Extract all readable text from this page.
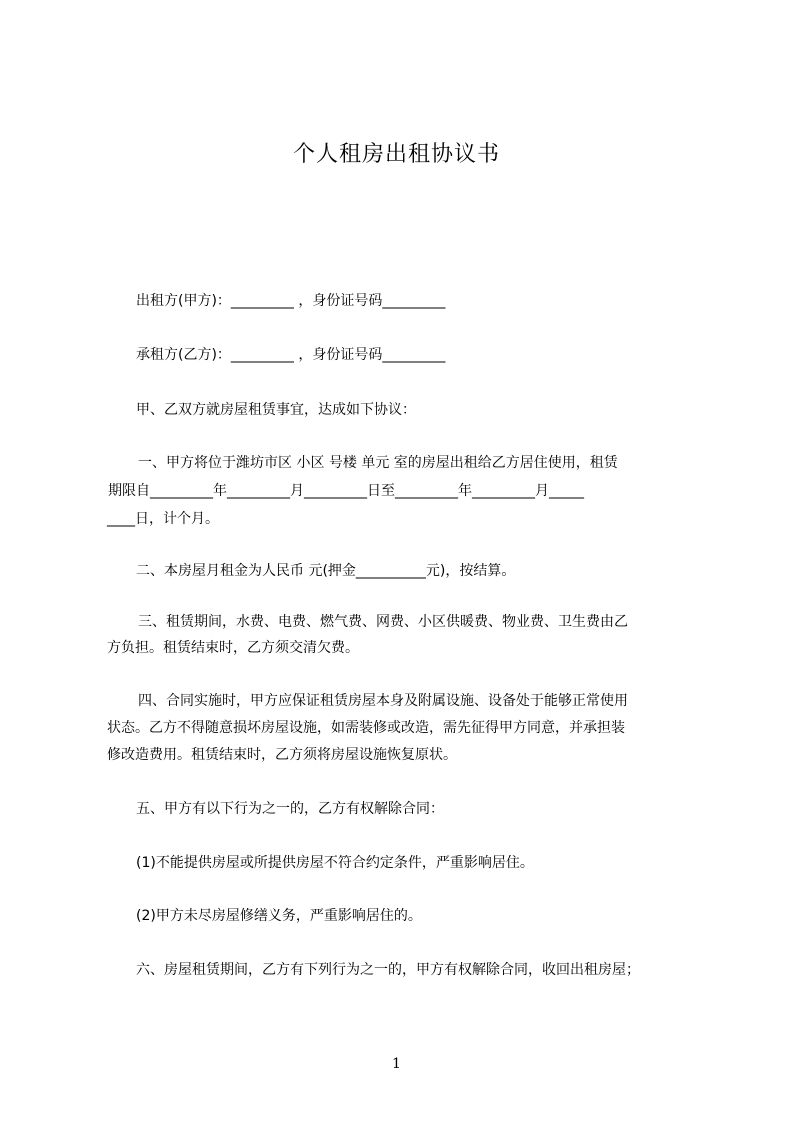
个人租房出租协议书
出租方(甲方)：_________ ，身份证号码_________
承租方(乙方)：_________ ，身份证号码_________
甲、乙双方就房屋租赁事宜，达成如下协议：
一、甲方将位于潍坊市区 小区 号楼 单元 室的房屋出租给乙方居住使用，租赁
期限自_________年_________月_________日至_________年_________月_____
____日，计个月。
二、本房屋月租金为人民币 元(押金__________元)，按结算。
三、租赁期间，水费、电费、燃气费、网费、小区供暖费、物业费、卫生费由乙
方负担。租赁结束时，乙方须交清欠费。
四、合同实施时，甲方应保证租赁房屋本身及附属设施、设备处于能够正常使用
状态。乙方不得随意损坏房屋设施，如需装修或改造，需先征得甲方同意，并承担装
修改造费用。租赁结束时，乙方须将房屋设施恢复原状。
五、甲方有以下行为之一的，乙方有权解除合同：
(1)不能提供房屋或所提供房屋不符合约定条件，严重影响居住。
(2)甲方未尽房屋修缮义务，严重影响居住的。
六、房屋租赁期间，乙方有下列行为之一的，甲方有权解除合同，收回出租房屋；
1
